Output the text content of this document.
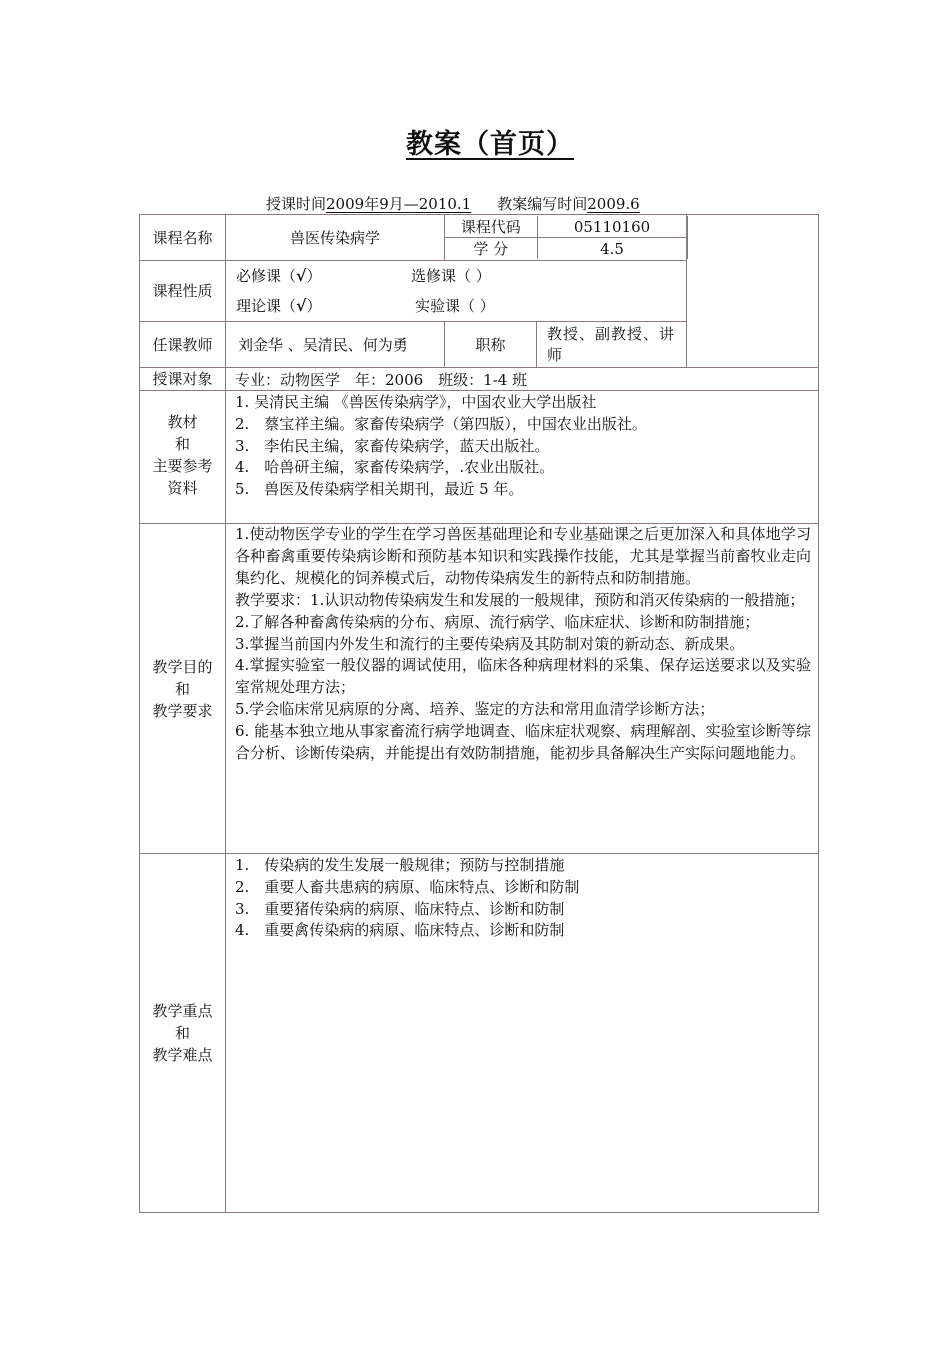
教案（首页）
授课时间2009年9月—2010.1 教案编写时间2009.6
课程名称	兽医传染病学	
课程代码	05110160
学 分	4.5

课程性质	
必修课（√）	选修课（ ）
理论课（√）	实验课（ ）

任课教师	刘金华 、吴清民、何为勇	职称	教授、副教授、讲师
授课对象	专业：动物医学　年：2006　班级：1-4 班

教材
和
主要参考
资料

1. 吴清民主编 《兽医传染病学》，中国农业大学出版社
2.　蔡宝祥主编。家畜传染病学（第四版），中国农业出版社。
3.　李佑民主编，家畜传染病学，蓝天出版社。
4.　哈兽研主编，家畜传染病学，.农业出版社。
5.　兽医及传染病学相关期刊，最近 5 年。

教学目的
和
教学要求

1.使动物医学专业的学生在学习兽医基础理论和专业基础课之后更加深入和具体地学习各种畜禽重要传染病诊断和预防基本知识和实践操作技能，尤其是掌握当前畜牧业走向集约化、规模化的饲养模式后，动物传染病发生的新特点和防制措施。
教学要求：1.认识动物传染病发生和发展的一般规律，预防和消灭传染病的一般措施；
2.了解各种畜禽传染病的分布、病原、流行病学、临床症状、诊断和防制措施；
3.掌握当前国内外发生和流行的主要传染病及其防制对策的新动态、新成果。
4.掌握实验室一般仪器的调试使用，临床各种病理材料的采集、保存运送要求以及实验室常规处理方法；
5.学会临床常见病原的分离、培养、鉴定的方法和常用血清学诊断方法；
6. 能基本独立地从事家畜流行病学地调查、临床症状观察、病理解剖、实验室诊断等综合分析、诊断传染病，并能提出有效防制措施，能初步具备解决生产实际问题地能力。

教学重点
和
教学难点

1.　传染病的发生发展一般规律；预防与控制措施
2.　重要人畜共患病的病原、临床特点、诊断和防制
3.　重要猪传染病的病原、临床特点、诊断和防制
4.　重要禽传染病的病原、临床特点、诊断和防制
